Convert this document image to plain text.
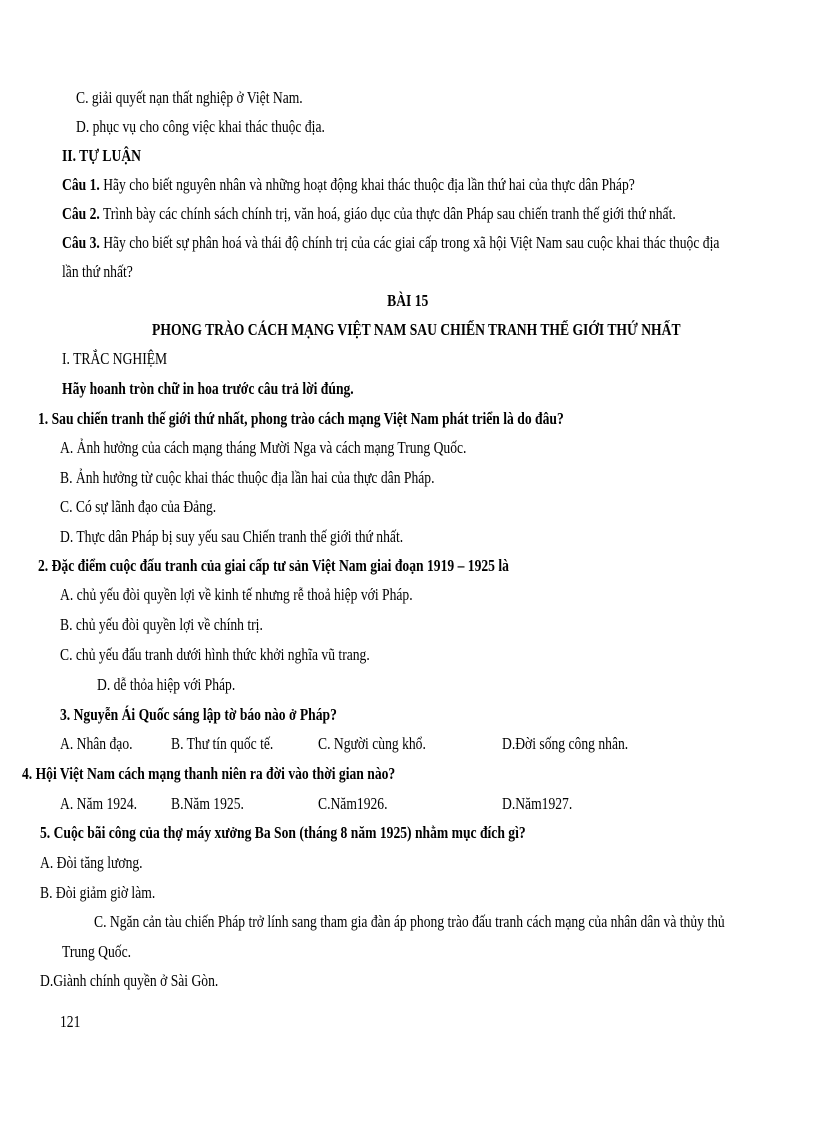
C. giải quyết nạn thất nghiệp ở Việt Nam.
D. phục vụ cho công việc khai thác thuộc địa.
II. TỰ LUẬN
Câu 1. Hãy cho biết nguyên nhân và những hoạt động khai thác thuộc địa lần thứ hai của thực dân Pháp?
Câu 2. Trình bày các chính sách chính trị, văn hoá, giáo dục của thực dân Pháp sau chiến tranh thế giới thứ nhất.
Câu 3. Hãy cho biết sự phân hoá và thái độ chính trị của các giai cấp trong xã hội Việt Nam sau cuộc khai thác thuộc địa
lần thứ nhất?
BÀI 15
PHONG TRÀO CÁCH MẠNG VIỆT NAM SAU CHIẾN TRANH THẾ GIỚI THỨ NHẤT
I. TRẮC NGHIỆM
Hãy hoanh tròn chữ in hoa trước câu trả lời đúng.
1. Sau chiến tranh thế giới thứ nhất, phong trào cách mạng Việt Nam phát triển là do đâu?
A. Ảnh hưởng của cách mạng tháng Mười Nga và cách mạng Trung Quốc.
B. Ảnh hưởng từ cuộc khai thác thuộc địa lần hai của thực dân Pháp.
C. Có sự lãnh đạo của Đảng.
D. Thực dân Pháp bị suy yếu sau Chiến tranh thế giới thứ nhất.
2. Đặc điểm cuộc đấu tranh của giai cấp tư sản Việt Nam giai đoạn 1919 – 1925 là
A. chủ yếu đòi quyền lợi về kinh tế nhưng rễ thoả hiệp với Pháp.
B. chủ yếu đòi quyền lợi về chính trị.
C. chủ yếu đấu tranh dưới hình thức khởi nghĩa vũ trang.
D. dễ thỏa hiệp với Pháp.
3. Nguyễn Ái Quốc sáng lập tờ báo nào ở Pháp?
A. Nhân đạo. B. Thư tín quốc tế.	C. Người cùng khổ.	D.Đời sống công nhân.
4. Hội Việt Nam cách mạng thanh niên ra đời vào thời gian nào?
A. Năm 1924. B.Năm 1925.	C.Năm1926.	D.Năm1927.
5. Cuộc bãi công của thợ máy xưởng Ba Son (tháng 8 năm 1925) nhằm mục đích gì?
A. Đòi tăng lương.
B. Đòi giảm giờ làm.
C. Ngăn cản tàu chiến Pháp trở lính sang tham gia đàn áp phong trào đấu tranh cách mạng của nhân dân và thủy thủ
Trung Quốc.
D.Giành chính quyền ở Sài Gòn.
121
